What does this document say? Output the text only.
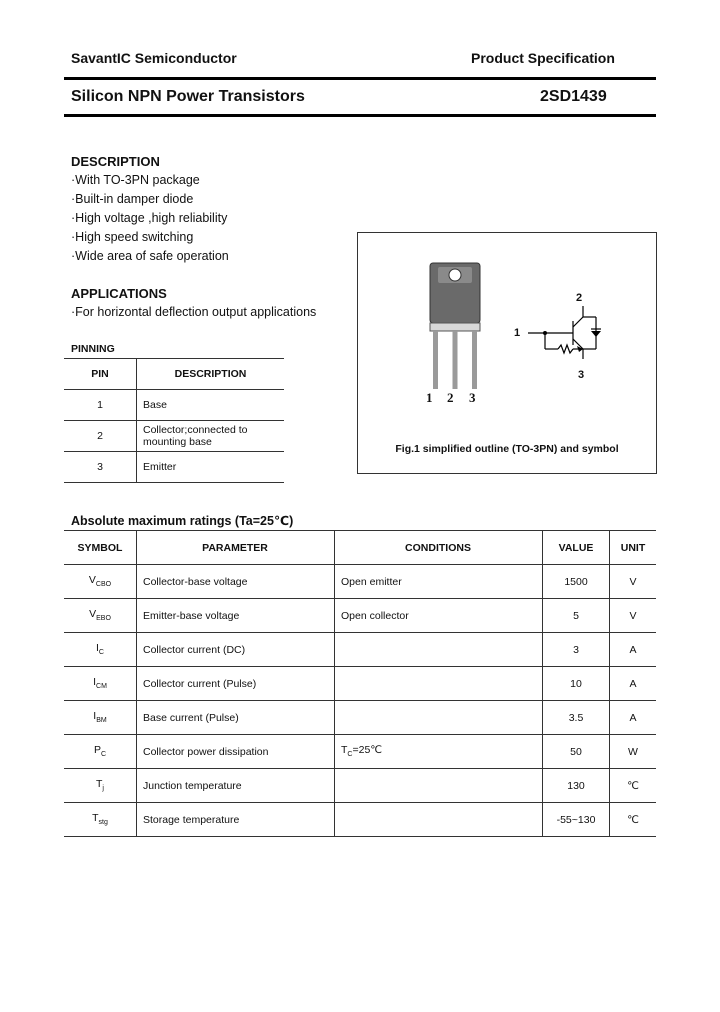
SavantIC Semiconductor	Product Specification
Silicon NPN Power Transistors	2SD1439
DESCRIPTION
·With TO-3PN package
·Built-in damper diode
·High voltage ,high reliability
·High speed switching
·Wide area of safe operation
APPLICATIONS
·For horizontal deflection output applications
PINNING
PIN	DESCRIPTION
1	Base
2	Collector;connected to
mounting base
3	Emitter
1 2 3
1
2
3
Fig.1 simplified outline (TO-3PN) and symbol
Absolute maximum ratings (Ta=25℃)
SYMBOL	PARAMETER	CONDITIONS	VALUE	UNIT
$V_{CBO}$	Collector-base voltage	Open emitter	1500	V
$V_{EBO}$	Emitter-base voltage	Open collector	5	V
$I_C$	Collector current (DC)		3	A
$I_{CM}$	Collector current (Pulse)		10	A
$I_{BM}$	Base current (Pulse)		3.5	A
$P_C$	Collector power dissipation	$T_C=25℃$	50	W
$T_j$	Junction temperature		130	℃
$T_{stg}$	Storage temperature		-55~130	℃
